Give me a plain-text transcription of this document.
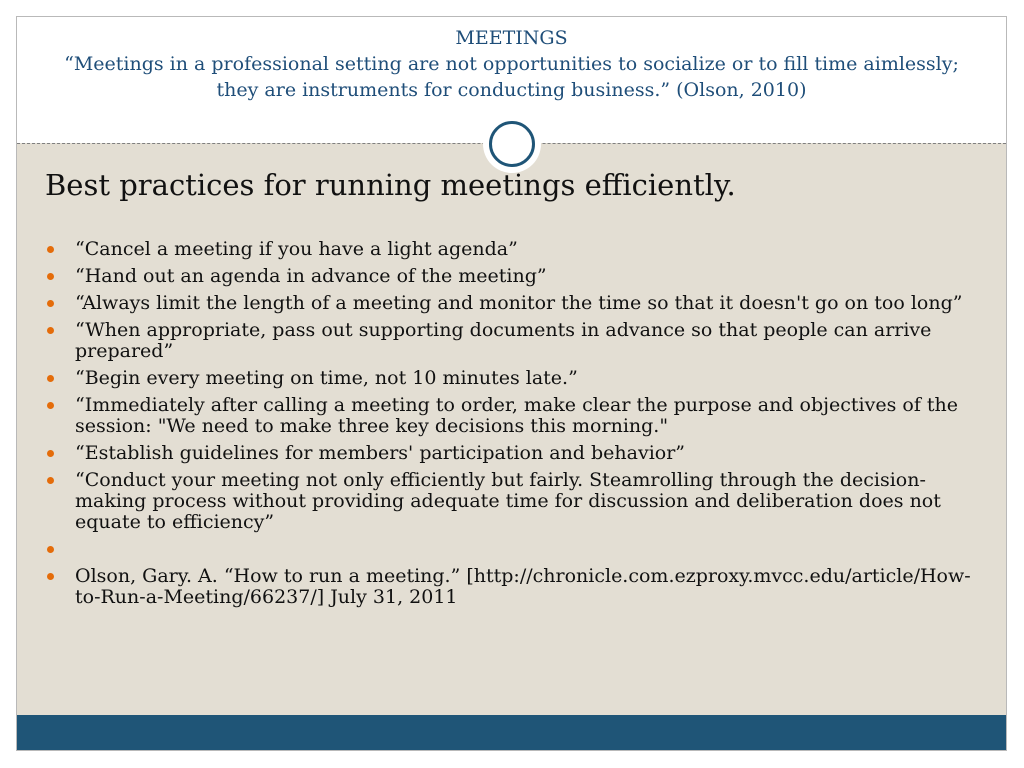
MEETINGS
“Meetings in a professional setting are not opportunities to socialize or to fill time aimlessly;
they are instruments for conducting business.” (Olson, 2010)
Best practices for running meetings efficiently.
“Cancel a meeting if you have a light agenda”
“Hand out an agenda in advance of the meeting”
“Always limit the length of a meeting and monitor the time so that it doesn't go on too long”
“When appropriate, pass out supporting documents in advance so that people can arrive prepared”
“Begin every meeting on time, not 10 minutes late.”
“Immediately after calling a meeting to order, make clear the purpose and objectives of the session: "We need to make three key decisions this morning."
“Establish guidelines for members' participation and behavior”
“Conduct your meeting not only efficiently but fairly. Steamrolling through the decision-making process without providing adequate time for discussion and deliberation does not equate to efficiency”
Olson, Gary. A. “How to run a meeting.” [http://chronicle.com.ezproxy.mvcc.edu/article/How-to-Run-a-Meeting/66237/] July 31, 2011
